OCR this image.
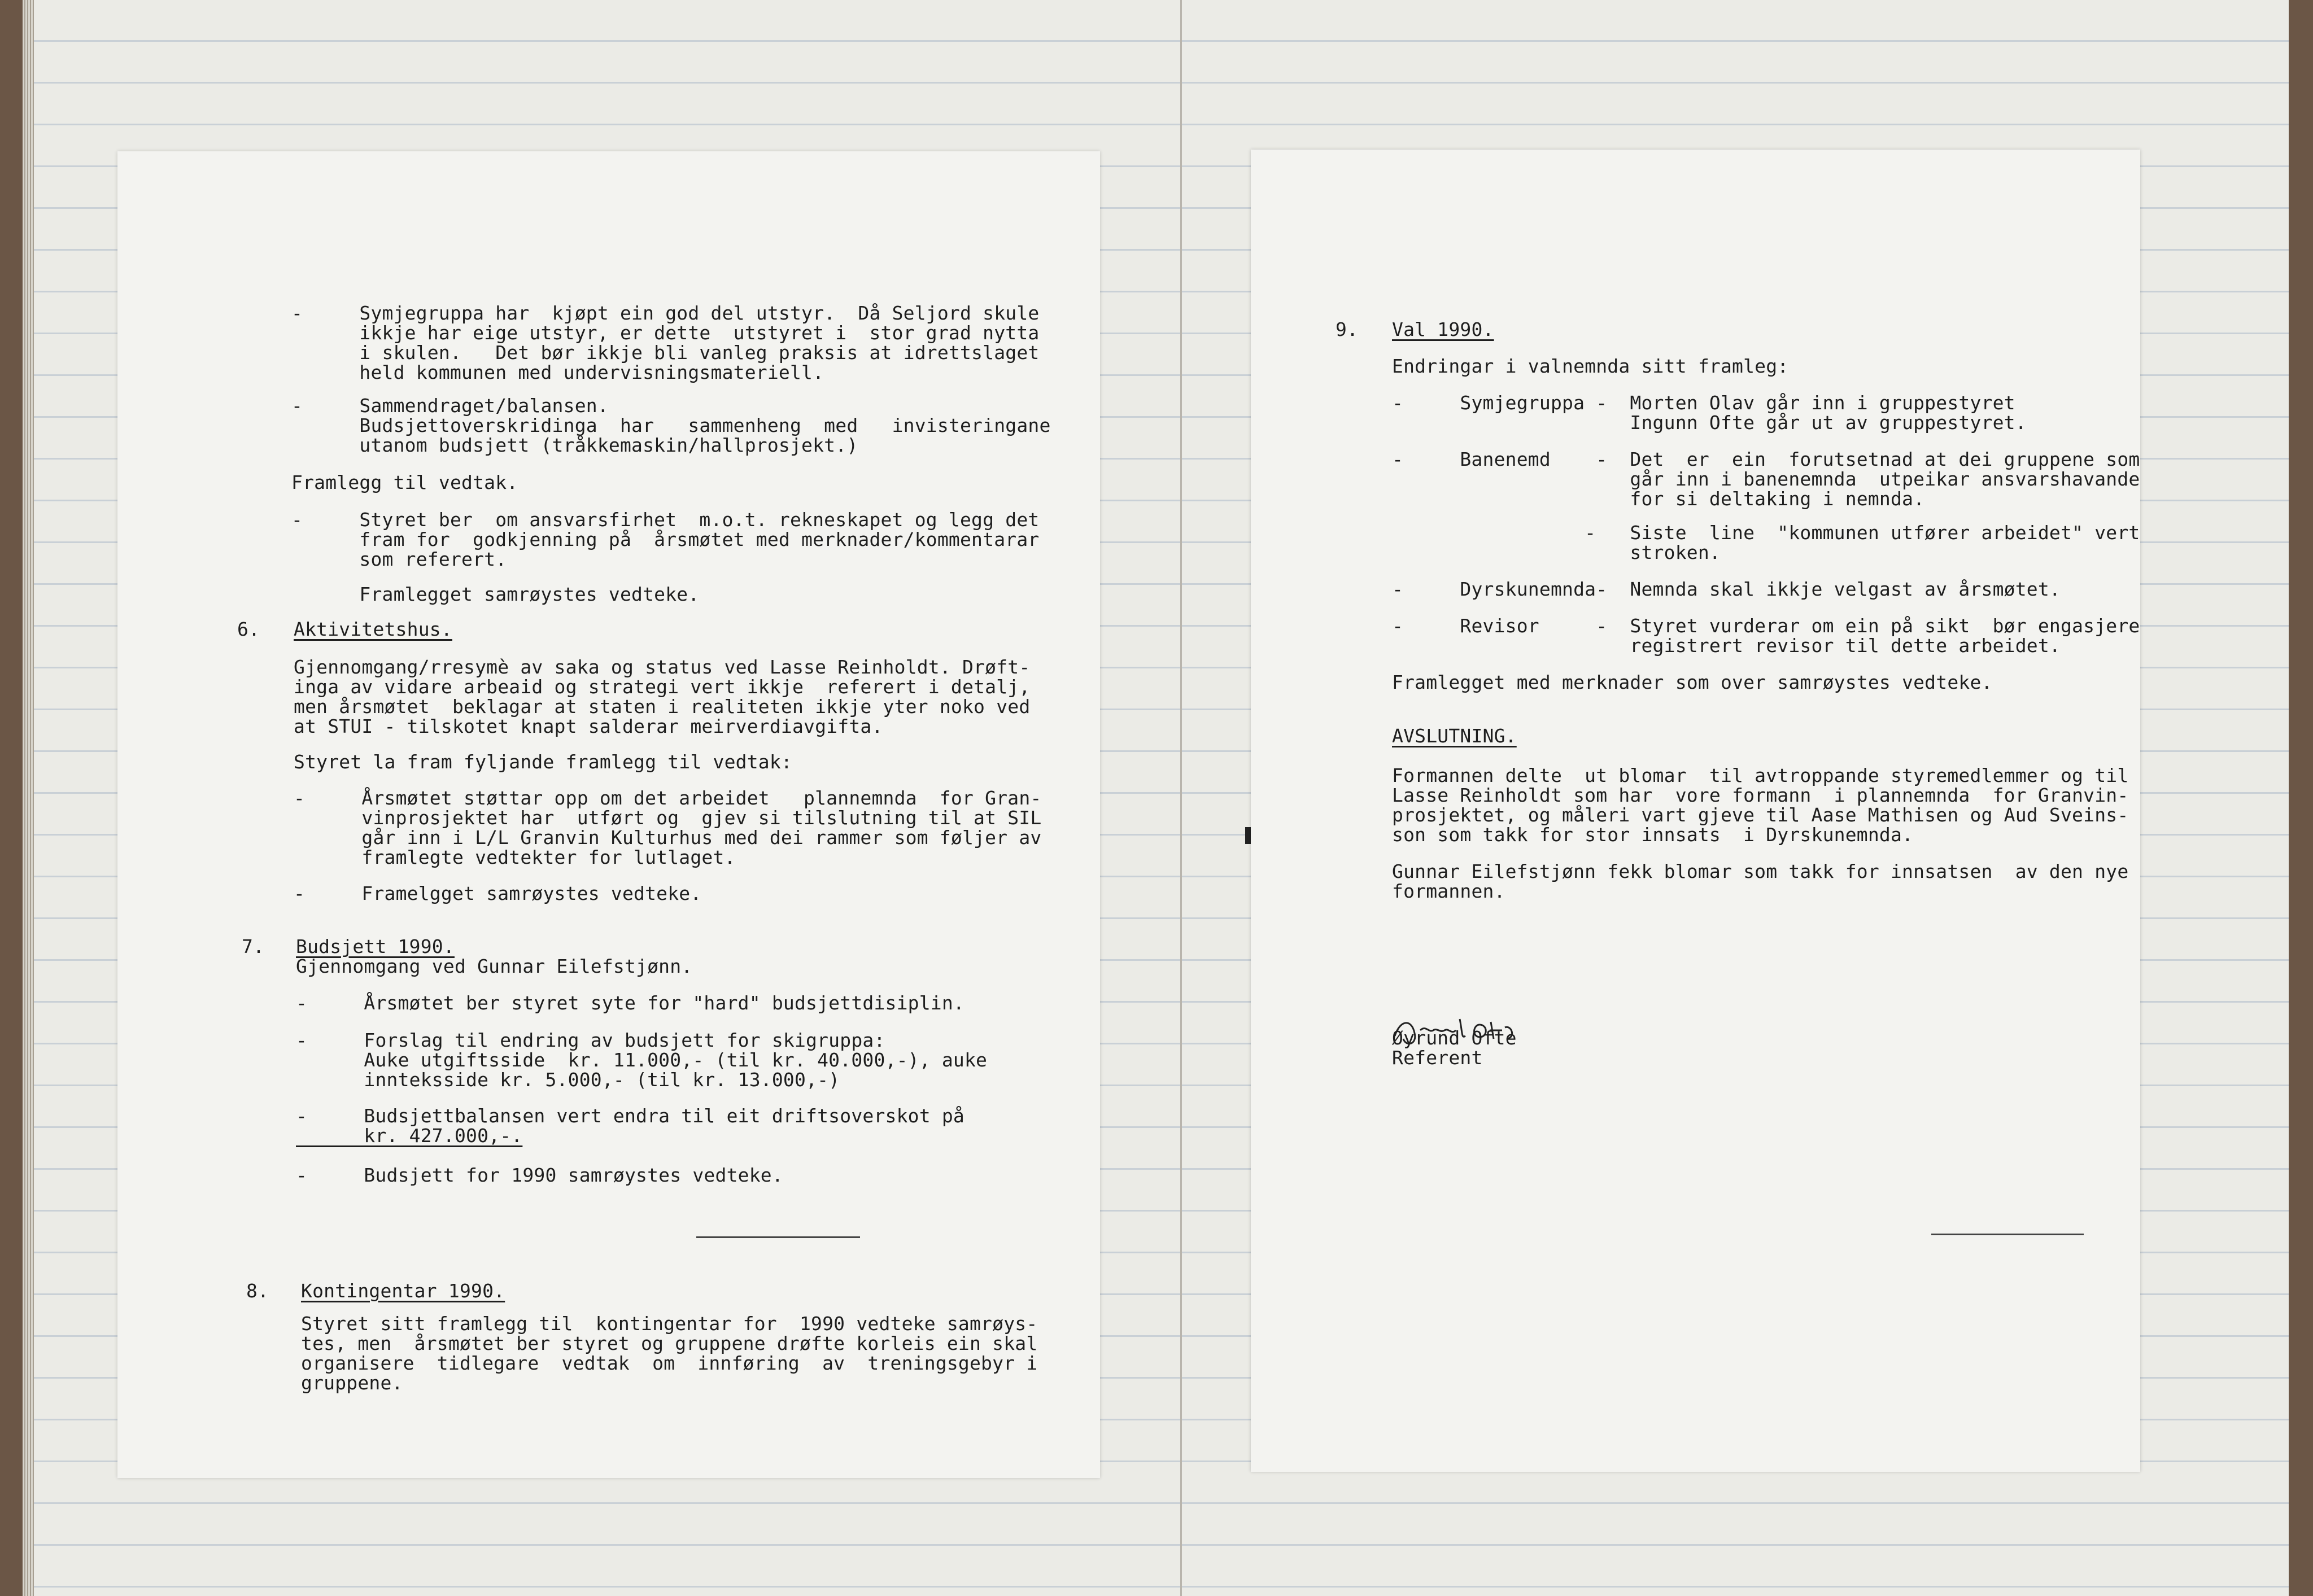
-     Symjegruppa har  kjøpt ein god del utstyr.  Då Seljord skule
ikkje har eige utstyr, er dette  utstyret i  stor grad nytta
i skulen.   Det bør ikkje bli vanleg praksis at idrettslaget
held kommunen med undervisningsmateriell.
-     Sammendraget/balansen.
Budsjettoverskridinga  har   sammenheng  med   invisteringane
utanom budsjett (tråkkemaskin/hallprosjekt.)
Framlegg til vedtak.
-     Styret ber  om ansvarsfirhet  m.o.t. rekneskapet og legg det
fram for  godkjenning på  årsmøtet med merknader/kommentarar
som referert.
Framlegget samrøystes vedteke.
6. Aktivitetshus.
Gjennomgang/rresymè av saka og status ved Lasse Reinholdt. Drøft-
inga av vidare arbeaid og strategi vert ikkje  referert i detalj,
men årsmøtet  beklagar at staten i realiteten ikkje yter noko ved
at STUI - tilskotet knapt salderar meirverdiavgifta.
Styret la fram fyljande framlegg til vedtak:
-     Årsmøtet støttar opp om det arbeidet   plannemnda  for Gran-
vinprosjektet har  utført og  gjev si tilslutning til at SIL
går inn i L/L Granvin Kulturhus med dei rammer som følјer av
framlegte vedtekter for lutlaget.
-     Framelgget samrøystes vedteke.
7. Budsjett 1990.
Gjennomgang ved Gunnar Eilefstjønn.
-     Årsmøtet ber styret syte for "hard" budsjettdisiplin.
-     Forslag til endring av budsjett for skigruppa:
Auke utgiftsside  kr. 11.000,- (til kr. 40.000,-), auke
innteksside kr. 5.000,- (til kr. 13.000,-)
-     Budsjettbalansen vert endra til eit driftsoverskot på
kr. 427.000,-.
-     Budsjett for 1990 samrøystes vedteke.
8. Kontingentar 1990.
Styret sitt framlegg til  kontingentar for  1990 vedteke samrøys-
tes, men  årsmøtet ber styret og gruppene drøfte korleis ein skal
organisere  tidlegare  vedtak  om  innføring  av  treningsgebyr i
gruppene.
9. Val 1990.
Endringar i valnemnda sitt framleg:
-     Symjegruppa -  Morten Olav går inn i gruppestyret
Ingunn Ofte går ut av gruppestyret.
-     Banenemd    -  Det  er  ein  forutsetnad at dei gruppene som
går inn i banenemnda  utpeikar ansvarshavande
for si deltaking i nemnda.
-   Siste  line  "kommunen utfører arbeidet" vert
stroken.
-     Dyrskunemnda-  Nemnda skal ikkje velgast av årsmøtet.
-     Revisor     -  Styret vurderar om ein på sikt  bør engasjere
registrert revisor til dette arbeidet.
Framlegget med merknader som over samrøystes vedteke.
AVSLUTNING.
Formannen delte  ut blomar  til avtroppande styremedlemmer og til
Lasse Reinholdt som har  vore formann  i plannemnda  for Granvin-
prosjektet, og måleri vart gjeve til Aase Mathisen og Aud Sveins-
son som takk for stor innsats  i Dyrskunemnda.
Gunnar Eilefstjønn fekk blomar som takk for innsatsen  av den nye
formannen.
Øyrund Ofte
Referent
